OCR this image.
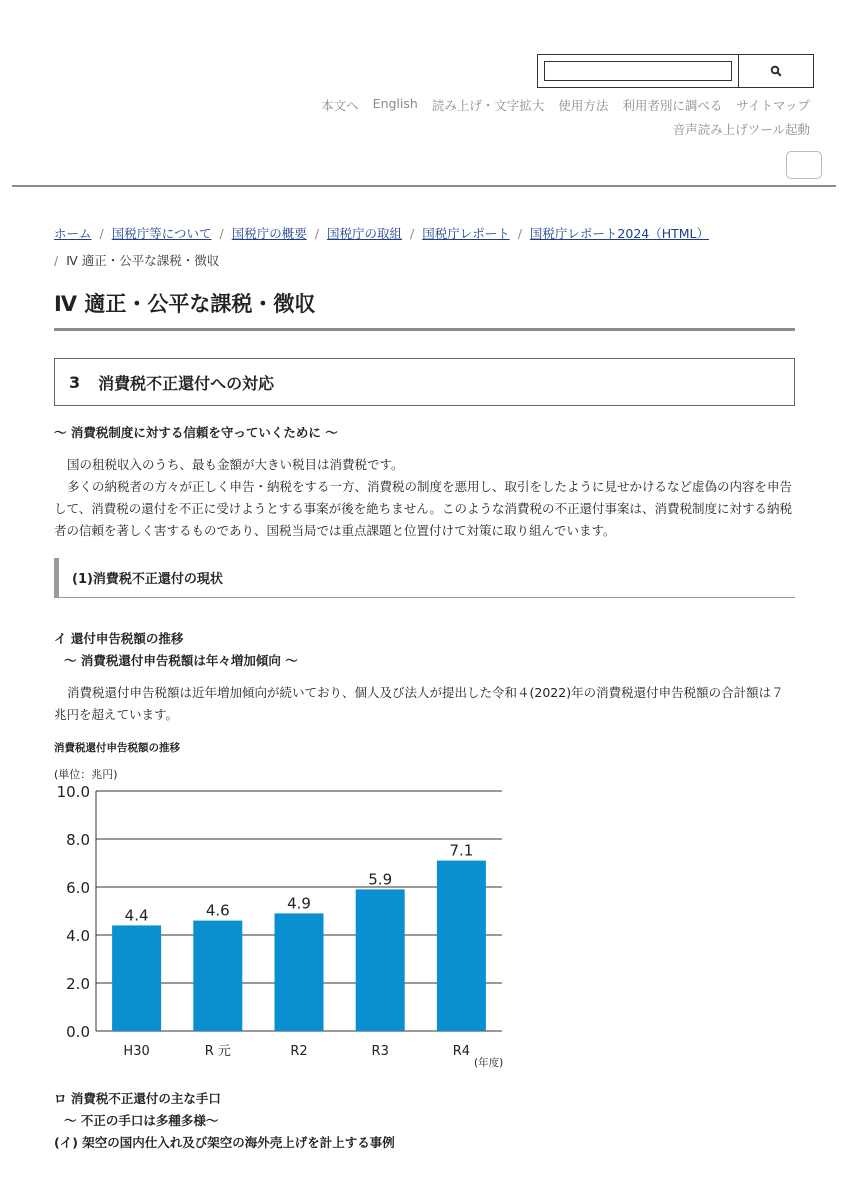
本文へ	English	読み上げ・文字拡大	使用方法	利用者別に調べる	サイトマップ
音声読み上げツール起動
ホーム / 国税庁等について / 国税庁の概要 / 国税庁の取組 / 国税庁レポート / 国税庁レポート2024（HTML）
/ Ⅳ 適正・公平な課税・徴収
Ⅳ 適正・公平な課税・徴収
3 消費税不正還付への対応
～ 消費税制度に対する信頼を守っていくために ～

国の租税収入のうち、最も金額が大きい税目は消費税です。

多くの納税者の方々が正しく申告・納税をする一方、消費税の制度を悪用し、取引をしたように見せかけるなど虚偽の内容を申告して、消費税の還付を不正に受けようとする事案が後を絶ちません。このような消費税の不正還付事案は、消費税制度に対する納税者の信頼を著しく害するものであり、国税当局では重点課題と位置付けて対策に取り組んでいます。

(1)消費税不正還付の現状
イ 還付申告税額の推移
～ 消費税還付申告税額は年々増加傾向 ～

消費税還付申告税額は近年増加傾向が続いており、個人及び法人が提出した令和４(2022)年の消費税還付申告税額の合計額は７兆円を超えています。

消費税還付申告税額の推移
(単位：兆円)
0.0
2.0
4.0
6.0
8.0
10.0
4.4
H30
4.6
R 元
4.9
R2
5.9
R3
7.1
R4
(年度)
ロ 消費税不正還付の主な手口
～ 不正の手口は多種多様～
(イ) 架空の国内仕入れ及び架空の海外売上げを計上する事例
